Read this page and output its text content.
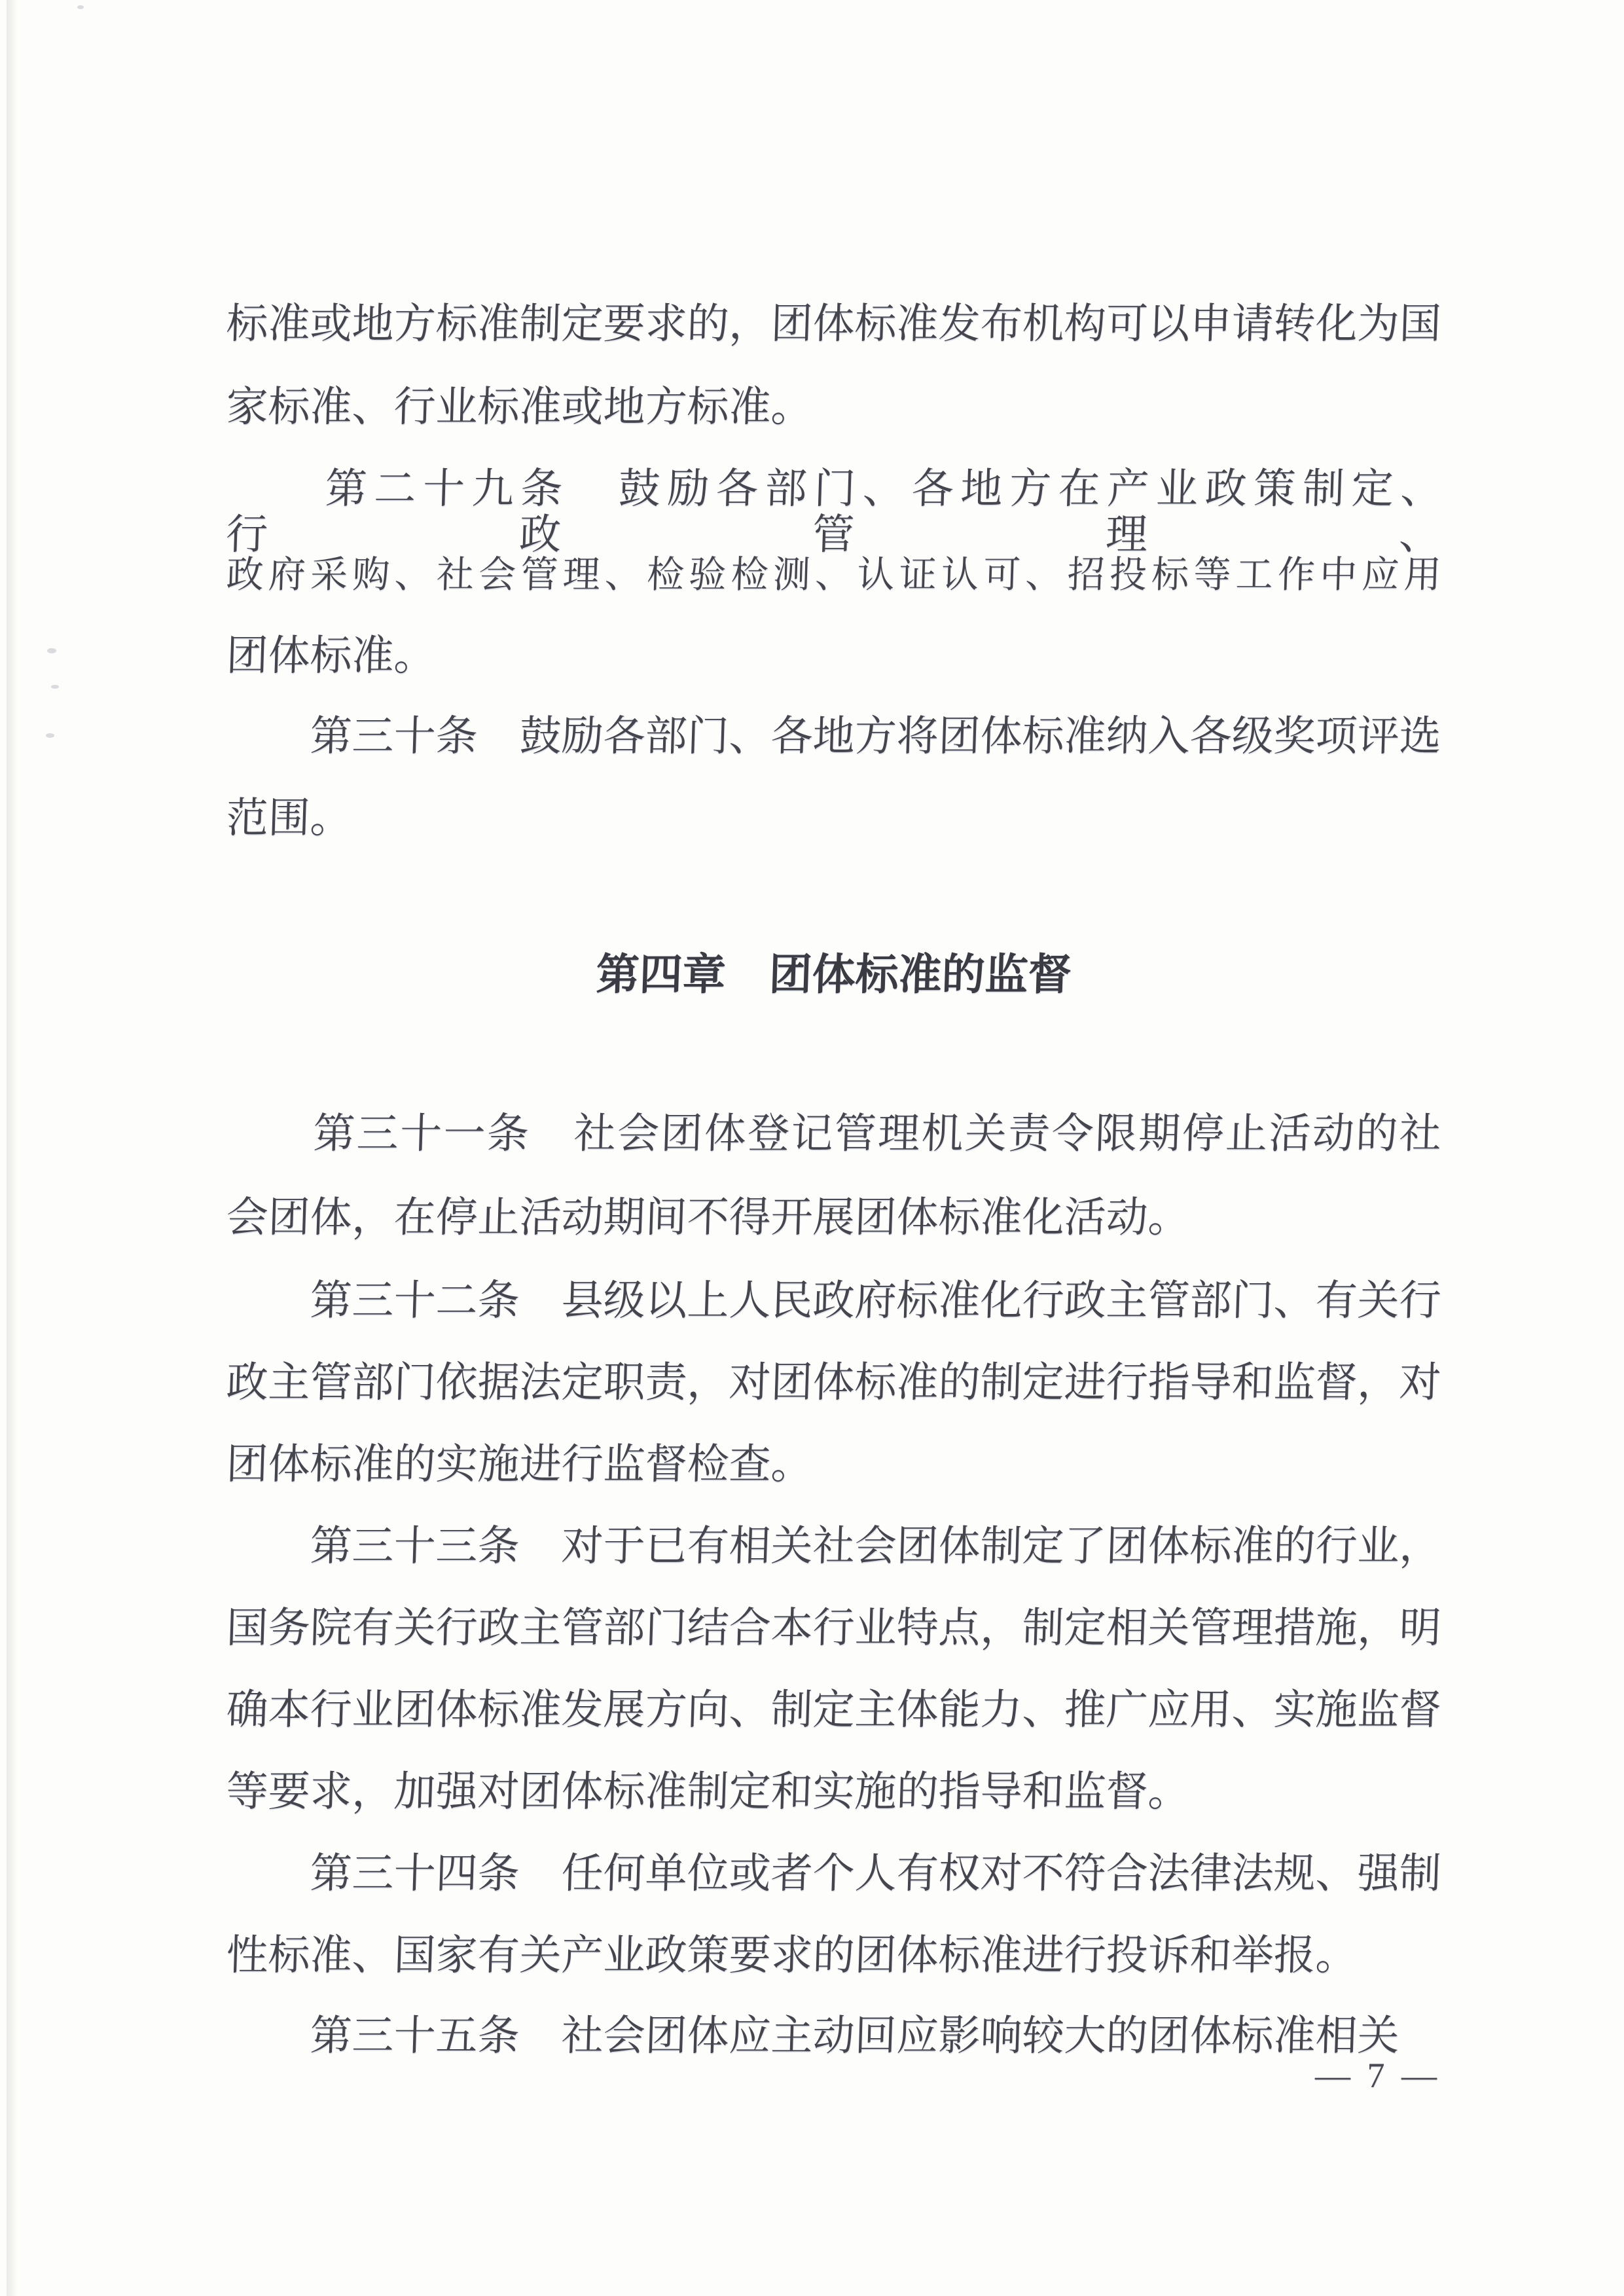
标准或地方标准制定要求的，团体标准发布机构可以申请转化为国
家标准、行业标准或地方标准。
　　第二十九条　鼓励各部门、各地方在产业政策制定、行政管理、
政府采购、社会管理、检验检测、认证认可、招投标等工作中应用
团体标准。
　　第三十条　鼓励各部门、各地方将团体标准纳入各级奖项评选
范围。
第四章　团体标准的监督
　　第三十一条　社会团体登记管理机关责令限期停止活动的社
会团体，在停止活动期间不得开展团体标准化活动。
　　第三十二条　县级以上人民政府标准化行政主管部门、有关行
政主管部门依据法定职责，对团体标准的制定进行指导和监督，对
团体标准的实施进行监督检查。
　　第三十三条　对于已有相关社会团体制定了团体标准的行业，
国务院有关行政主管部门结合本行业特点，制定相关管理措施，明
确本行业团体标准发展方向、制定主体能力、推广应用、实施监督
等要求，加强对团体标准制定和实施的指导和监督。
　　第三十四条　任何单位或者个人有权对不符合法律法规、强制
性标准、国家有关产业政策要求的团体标准进行投诉和举报。
　　第三十五条　社会团体应主动回应影响较大的团体标准相关
— 7 —
